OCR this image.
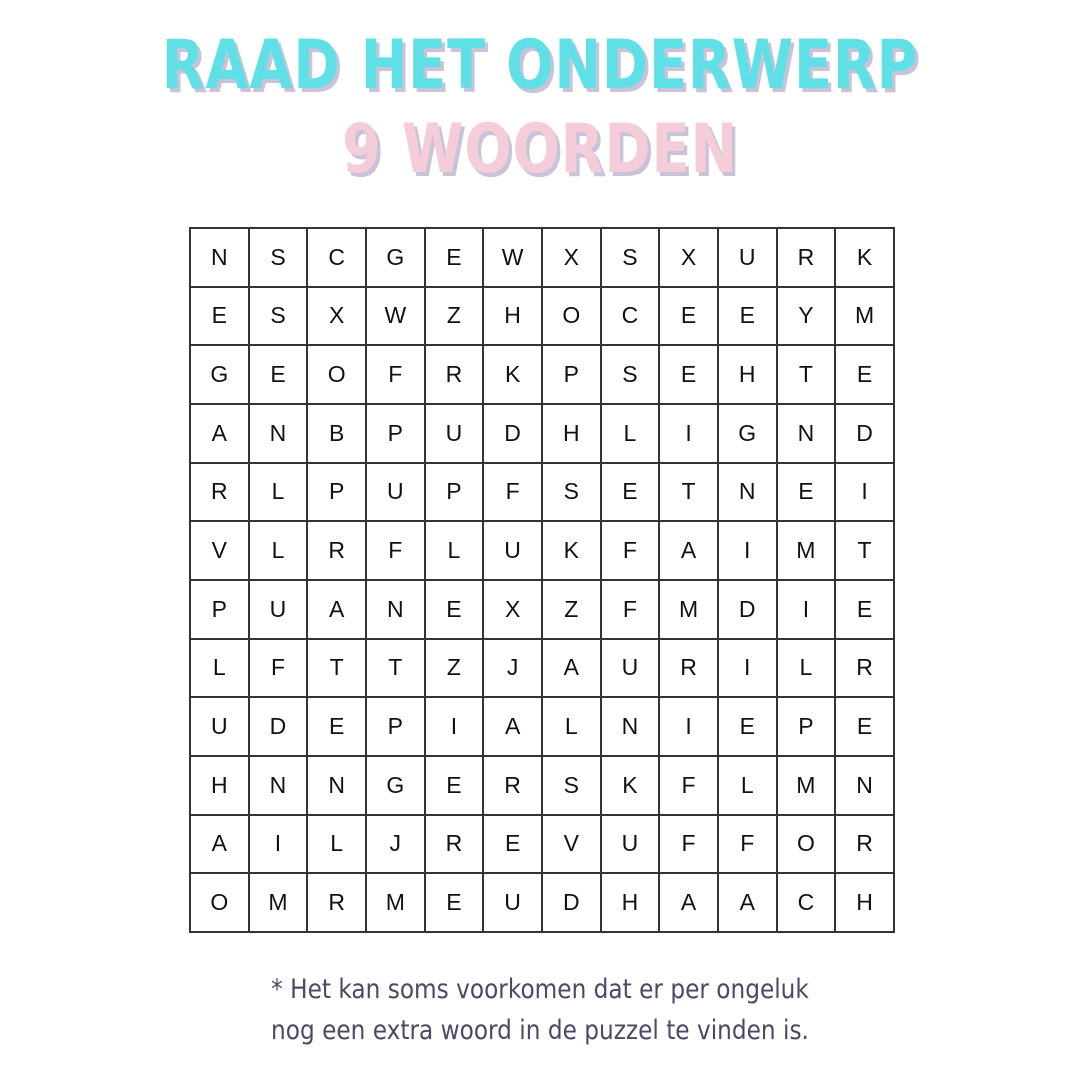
RAAD HET ONDERWERP
9 WOORDEN
N	S	C	G	E	W	X	S	X	U	R	K
E	S	X	W	Z	H	O	C	E	E	Y	M
G	E	O	F	R	K	P	S	E	H	T	E
A	N	B	P	U	D	H	L	I	G	N	D
R	L	P	U	P	F	S	E	T	N	E	I
V	L	R	F	L	U	K	F	A	I	M	T
P	U	A	N	E	X	Z	F	M	D	I	E
L	F	T	T	Z	J	A	U	R	I	L	R
U	D	E	P	I	A	L	N	I	E	P	E
H	N	N	G	E	R	S	K	F	L	M	N
A	I	L	J	R	E	V	U	F	F	O	R
O	M	R	M	E	U	D	H	A	A	C	H

* Het kan soms voorkomen dat er per ongeluk

nog een extra woord in de puzzel te vinden is.
